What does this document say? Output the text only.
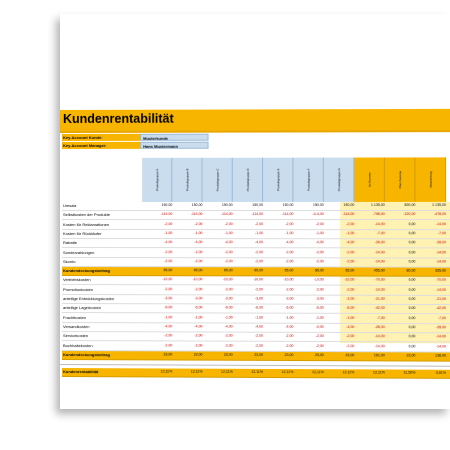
Kundenrentabilität
Key-Account Kunde:	Musterkunde
Key-Account Manager:	Hans Mustermann
Produktgruppe A	Produktgruppe B	Produktgruppe C	Produktgruppe D	Produktgruppe E	Produktgruppe F	Produktgruppe G	Ist-Summe	Plan-Summe	Abweichung
Umsatz	150,00	150,00	150,00	150,00	150,00	150,00	150,00	1.135,00	800,00	1.135,00
Selbstkosten der Produkte	-114,00	-114,00	-114,00	-114,00	-114,00	-114,00	-114,00	-798,00	-320,00	-478,00
Kosten für Reklamationen	-2,00	-2,00	-2,00	-2,00	-2,00	-2,00	-2,00	-14,00	0,00	-14,00
Kosten für Rückläufer	-1,00	-1,00	-1,00	-1,00	-1,00	-1,00	-1,00	-7,00	0,00	-7,00
Rabatte	-4,00	-4,00	-4,00	-4,00	-4,00	-4,00	-4,00	-28,00	0,00	-28,00
Sonderzahlungen	-2,00	-2,00	-2,00	-2,00	-2,00	-2,00	-2,00	-14,00	0,00	-14,00
Skonto	-2,00	-2,00	-2,00	-2,00	-2,00	-2,00	-2,00	-14,00	0,00	-14,00
Kundendeckungsbeitrag	65,00	65,00	65,00	65,00	65,00	65,00	65,00	455,00	80,00	305,00
Vertriebskosten	-10,00	-10,00	-10,00	-10,00	-10,00	-10,00	-10,00	-70,00	0,00	-70,00
Promotionkosten	-2,00	-2,00	-2,00	-2,00	-2,00	-2,00	-2,00	-14,00	0,00	-14,00
anteilige Entwicklungskosten	-3,00	-3,00	-3,00	-3,00	-3,00	-3,00	-3,00	-21,00	0,00	-21,00
anteilige Lagerkosten	-6,00	-6,00	-6,00	-6,00	-6,00	-6,00	-6,00	-42,00	0,00	-42,00
Frachtkosten	-1,00	-1,00	-1,00	-1,00	-1,00	-1,00	-1,00	-7,00	0,00	-7,00
Versandkosten	-4,00	-4,00	-4,00	-4,00	-4,00	-4,00	-4,00	-28,00	0,00	-28,00
Servicekosten	-2,00	-2,00	-2,00	-2,00	-2,00	-2,00	-2,00	-14,00	0,00	-14,00
Buchhaltekosten	-2,00	-2,00	-2,00	-2,00	-2,00	-2,00	-2,00	-14,00	0,00	-14,00
Kundendeckungsbeitrag	23,00	23,00	23,00	23,00	23,00	23,00	23,00	161,00	23,00	138,00
Kundenrentabilität	12,11%	12,11%	12,11%	12,11%	12,11%	12,11%	12,11%	12,11%	11,50%	0,61%
